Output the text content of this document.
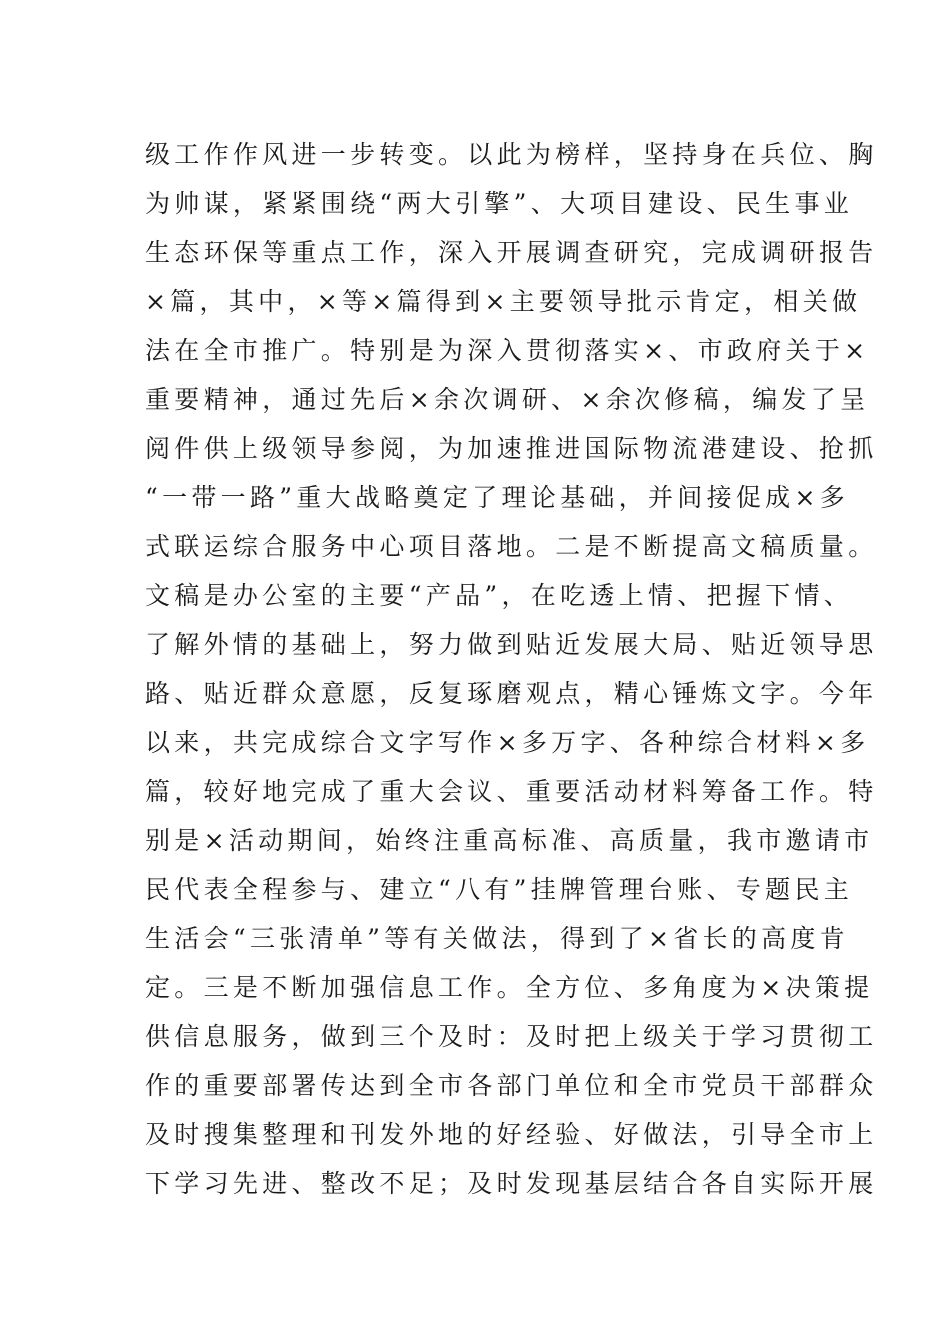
级工作作风进一步转变。以此为榜样，坚持身在兵位、胸
为帅谋，紧紧围绕“两大引擎”、大项目建设、民生事业
生态环保等重点工作，深入开展调查研究，完成调研报告
×篇，其中，×等×篇得到×主要领导批示肯定，相关做
法在全市推广。特别是为深入贯彻落实×、市政府关于×
重要精神，通过先后×余次调研、×余次修稿，编发了呈
阅件供上级领导参阅，为加速推进国际物流港建设、抢抓
“一带一路”重大战略奠定了理论基础，并间接促成×多
式联运综合服务中心项目落地。二是不断提高文稿质量。
文稿是办公室的主要“产品”，在吃透上情、把握下情、
了解外情的基础上，努力做到贴近发展大局、贴近领导思
路、贴近群众意愿，反复琢磨观点，精心锤炼文字。今年
以来，共完成综合文字写作×多万字、各种综合材料×多
篇，较好地完成了重大会议、重要活动材料筹备工作。特
别是×活动期间，始终注重高标准、高质量，我市邀请市
民代表全程参与、建立“八有”挂牌管理台账、专题民主
生活会“三张清单”等有关做法，得到了×省长的高度肯
定。三是不断加强信息工作。全方位、多角度为×决策提
供信息服务，做到三个及时：及时把上级关于学习贯彻工
作的重要部署传达到全市各部门单位和全市党员干部群众
及时搜集整理和刊发外地的好经验、好做法，引导全市上
下学习先进、整改不足；及时发现基层结合各自实际开展
